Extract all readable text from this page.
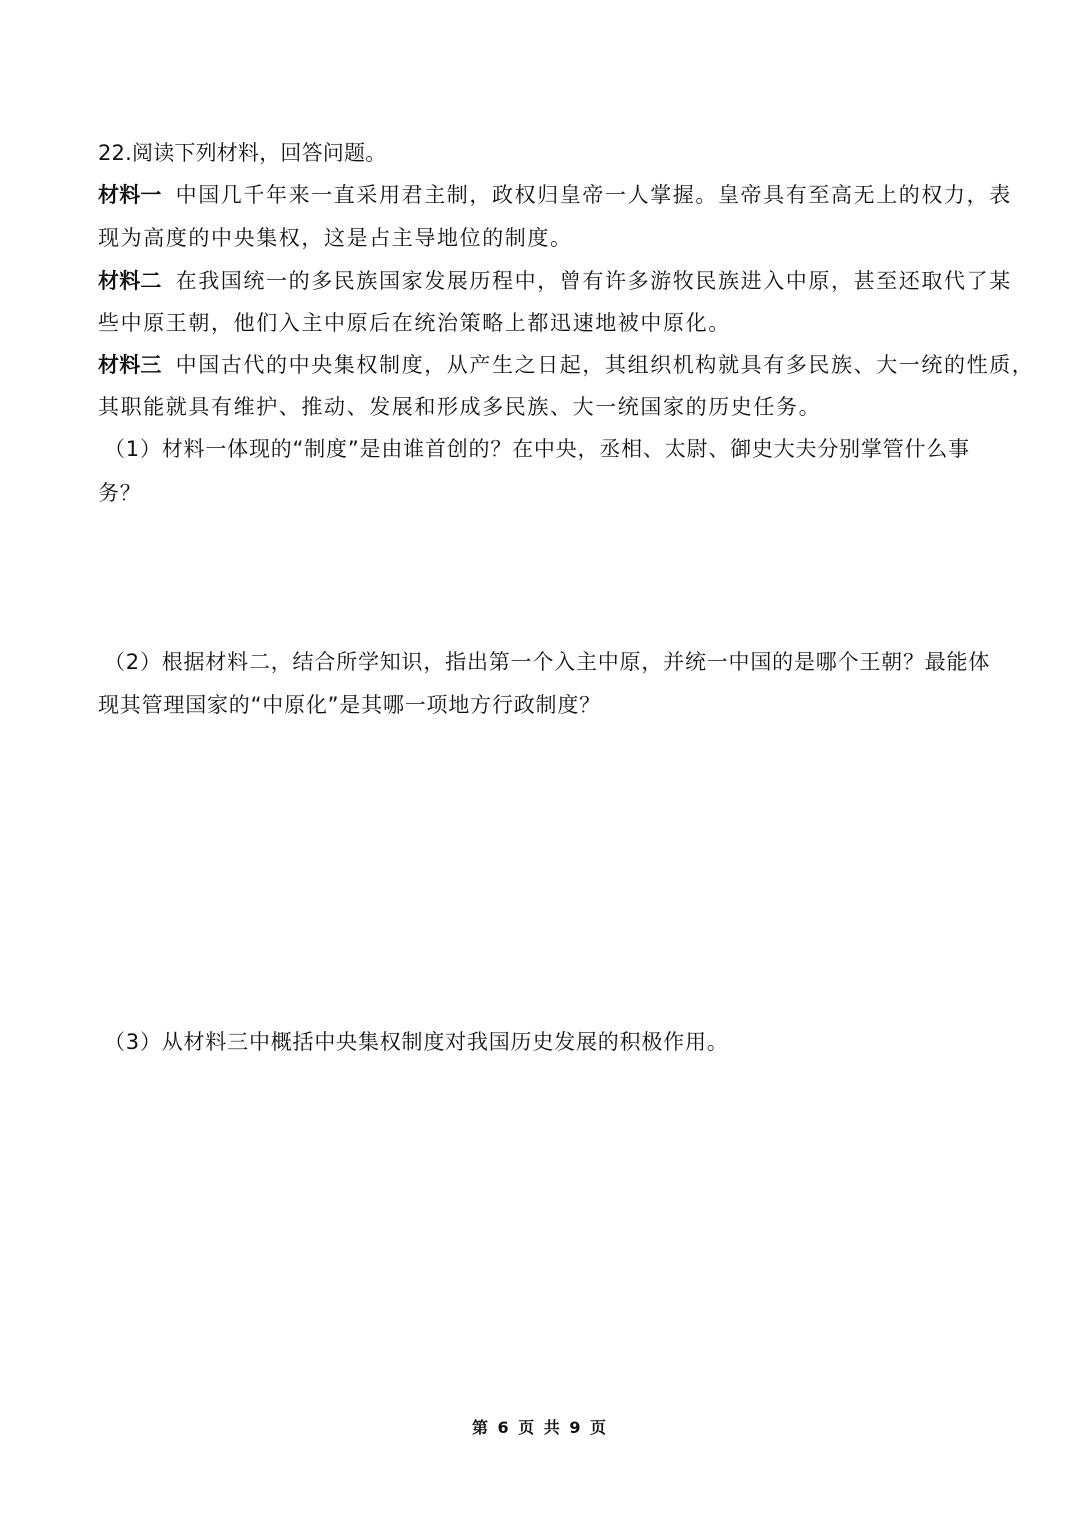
22.阅读下列材料，回答问题。
材料一 中国几千年来一直采用君主制，政权归皇帝一人掌握。皇帝具有至高无上的权力，表
现为高度的中央集权，这是占主导地位的制度。
材料二 在我国统一的多民族国家发展历程中，曾有许多游牧民族进入中原，甚至还取代了某
些中原王朝，他们入主中原后在统治策略上都迅速地被中原化。
材料三 中国古代的中央集权制度，从产生之日起，其组织机构就具有多民族、大一统的性质，
其职能就具有维护、推动、发展和形成多民族、大一统国家的历史任务。
（1）材料一体现的“制度”是由谁首创的？在中央，丞相、太尉、御史大夫分别掌管什么事
务？
（2）根据材料二，结合所学知识，指出第一个入主中原，并统一中国的是哪个王朝？最能体
现其管理国家的“中原化”是其哪一项地方行政制度？
（3）从材料三中概括中央集权制度对我国历史发展的积极作用。
第 6 页 共 9 页
